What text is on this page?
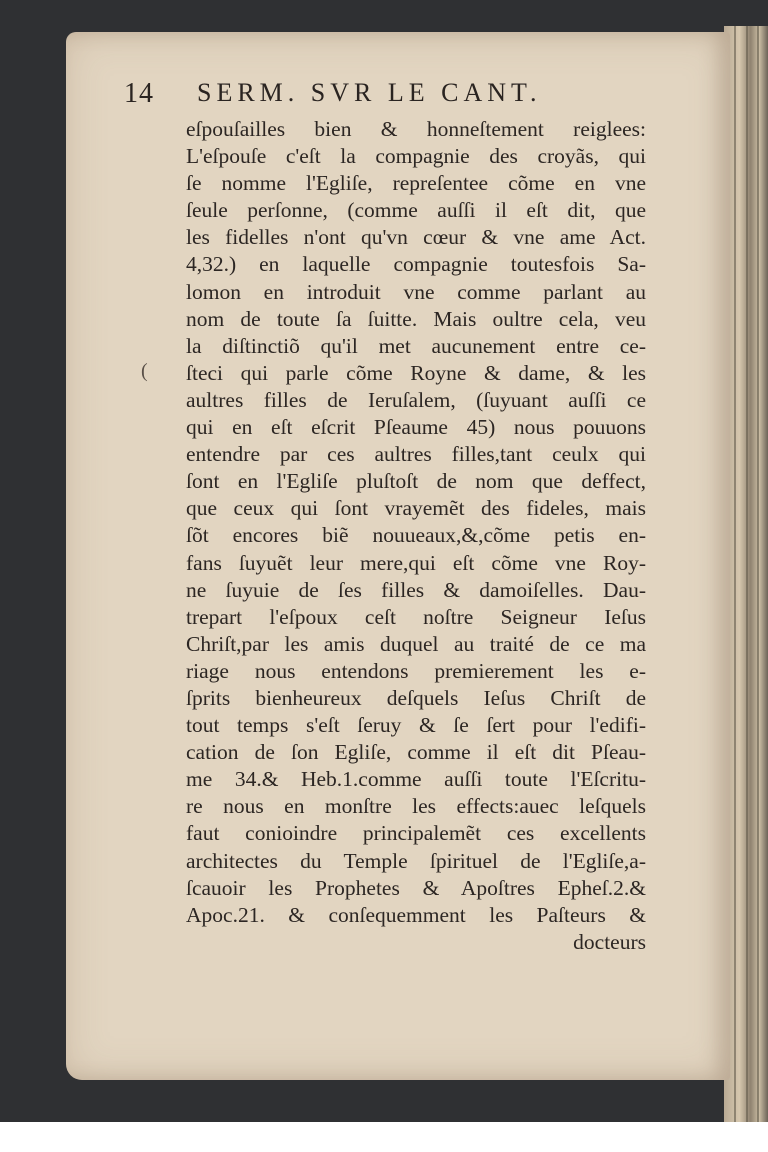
14 SERM. SVR LE CANT.
(
eſpouſailles bien & honneſtement reiglees:
L'eſpouſe c'eſt la compagnie des croyãs, qui
ſe nomme l'Egliſe, repreſentee cõme en vne
ſeule perſonne, (comme auſſi il eſt dit, que
les fidelles n'ont qu'vn cœur & vne ame Act.
4,32.) en laquelle compagnie toutesfois Sa-
lomon en introduit vne comme parlant au
nom de toute ſa ſuitte. Mais oultre cela, veu
la diſtinctiõ qu'il met aucunement entre ce-
ſteci qui parle cõme Royne & dame, & les
aultres filles de Ieruſalem, (ſuyuant auſſi ce
qui en eſt eſcrit Pſeaume 45) nous pouuons
entendre par ces aultres filles,tant ceulx qui
ſont en l'Egliſe pluſtoſt de nom que deffect,
que ceux qui ſont vrayemẽt des fideles, mais
ſõt encores biẽ nouueaux,&,cõme petis en-
fans ſuyuẽt leur mere,qui eſt cõme vne Roy-
ne ſuyuie de ſes filles & damoiſelles. Dau-
trepart l'eſpoux ceſt noſtre Seigneur Ieſus
Chriſt,par les amis duquel au traité de ce ma
riage nous entendons premierement les e-
ſprits bienheureux deſquels Ieſus Chriſt de
tout temps s'eſt ſeruy & ſe ſert pour l'edifi-
cation de ſon Egliſe, comme il eſt dit Pſeau-
me 34.& Heb.1.comme auſſi toute l'Eſcritu-
re nous en monſtre les effects:auec leſquels
faut conioindre principalemẽt ces excellents
architectes du Temple ſpirituel de l'Egliſe,a-
ſcauoir les Prophetes & Apoſtres Epheſ.2.&
Apoc.21. & conſequemment les Paſteurs &
docteurs
